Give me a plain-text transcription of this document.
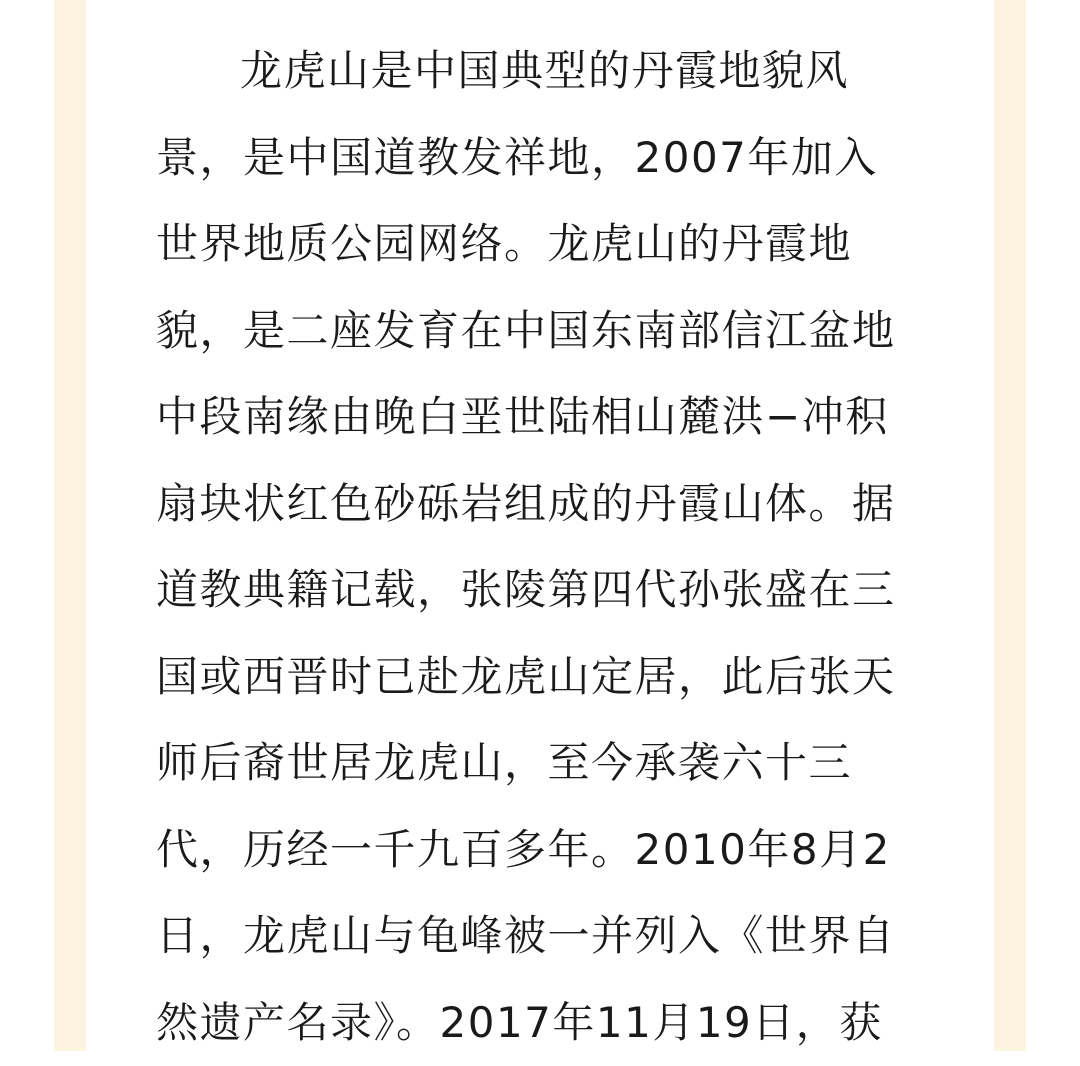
龙虎山是中国典型的丹霞地貌风
景，是中国道教发祥地，2007年加入
世界地质公园网络。龙虎山的丹霞地
貌，是二座发育在中国东南部信江盆地
中段南缘由晚白垩世陆相山麓洪−冲积
扇块状红色砂砾岩组成的丹霞山体。据
道教典籍记载，张陵第四代孙张盛在三
国或西晋时已赴龙虎山定居，此后张天
师后裔世居龙虎山，至今承袭六十三
代，历经一千九百多年。2010年8月2
日，龙虎山与龟峰被一并列入《世界自
然遗产名录》。2017年11月19日，获
